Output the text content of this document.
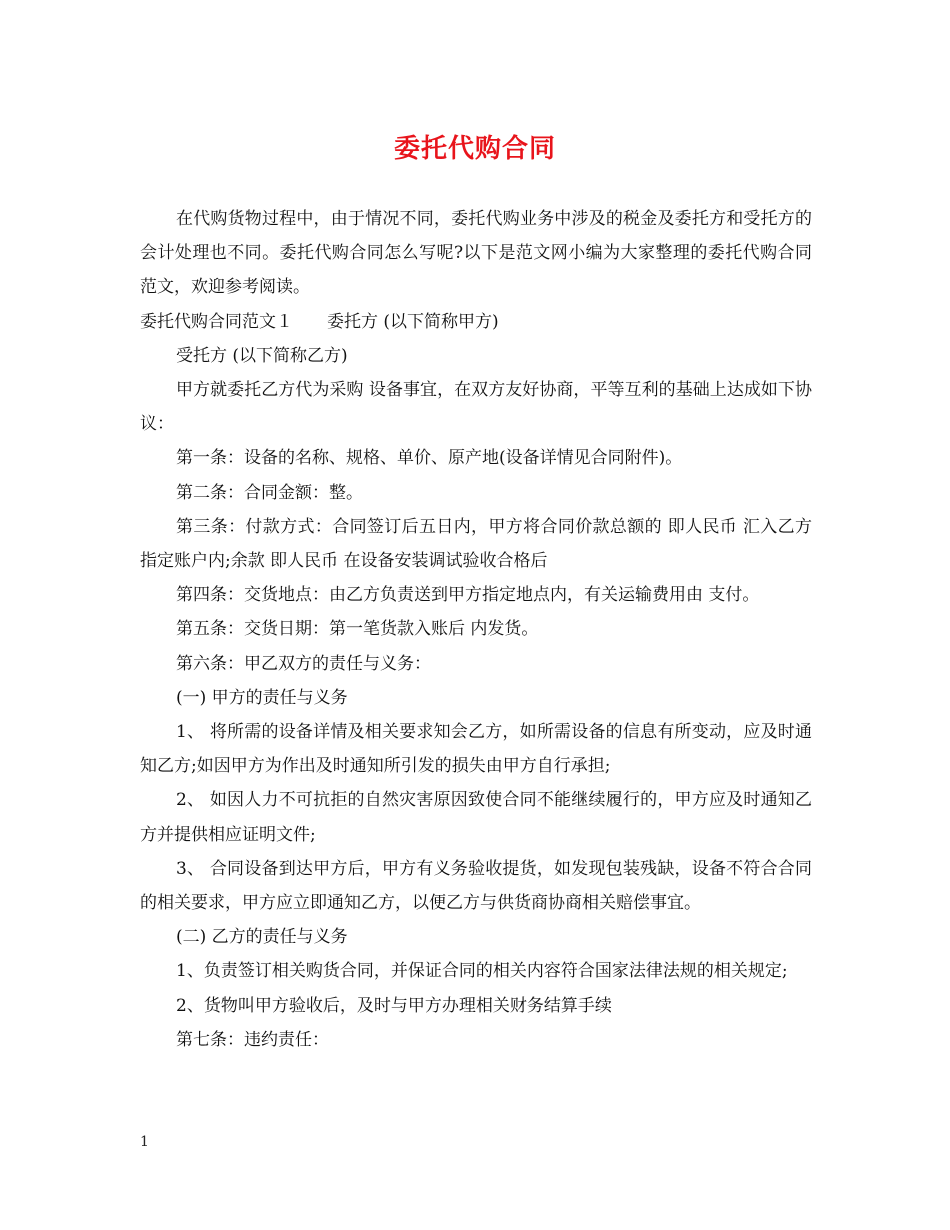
委托代购合同

在代购货物过程中，由于情况不同，委托代购业务中涉及的税金及委托方和受托方的会计处理也不同。委托代购合同怎么写呢?以下是范文网小编为大家整理的委托代购合同范文，欢迎参考阅读。

委托代购合同范文１　　委托方 (以下简称甲方)

受托方 (以下简称乙方)

甲方就委托乙方代为采购 设备事宜，在双方友好协商，平等互利的基础上达成如下协议：

第一条：设备的名称、规格、单价、原产地(设备详情见合同附件)。

第二条：合同金额：整。

第三条：付款方式：合同签订后五日内，甲方将合同价款总额的 即人民币 汇入乙方指定账户内;余款 即人民币 在设备安装调试验收合格后

第四条：交货地点：由乙方负责送到甲方指定地点内，有关运输费用由 支付。

第五条：交货日期：第一笔货款入账后 内发货。

第六条：甲乙双方的责任与义务：

(一) 甲方的责任与义务

1、 将所需的设备详情及相关要求知会乙方，如所需设备的信息有所变动，应及时通知乙方;如因甲方为作出及时通知所引发的损失由甲方自行承担;

2、 如因人力不可抗拒的自然灾害原因致使合同不能继续履行的，甲方应及时通知乙方并提供相应证明文件;

3、 合同设备到达甲方后，甲方有义务验收提货，如发现包装残缺，设备不符合合同的相关要求，甲方应立即通知乙方，以便乙方与供货商协商相关赔偿事宜。

(二) 乙方的责任与义务

1、负责签订相关购货合同，并保证合同的相关内容符合国家法律法规的相关规定;

2、货物叫甲方验收后，及时与甲方办理相关财务结算手续

第七条：违约责任：

1
